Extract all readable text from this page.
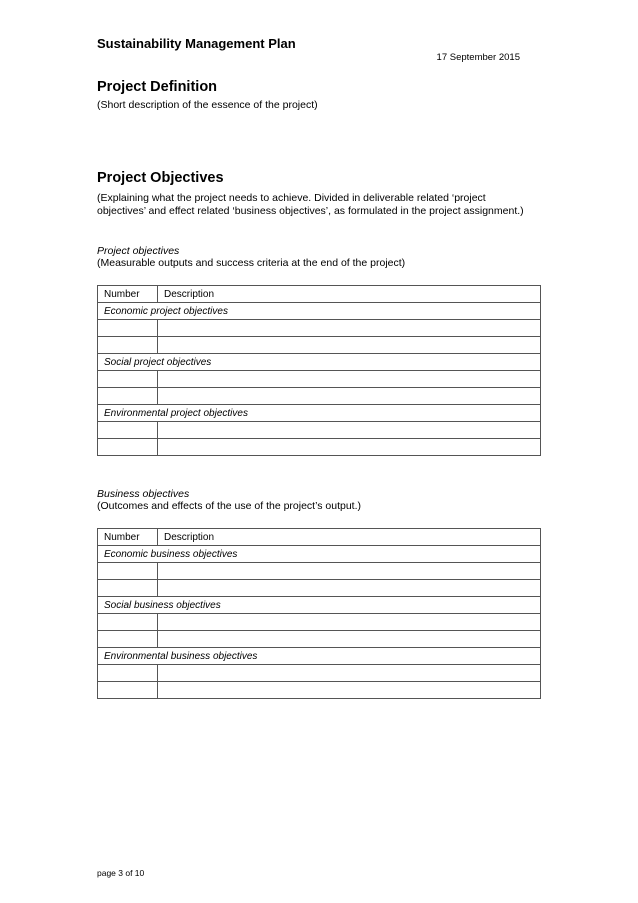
Sustainability Management Plan
17 September 2015
Project Definition
(Short description of the essence of the project)
Project Objectives
(Explaining what the project needs to achieve. Divided in deliverable related ‘project objectives’ and effect related ‘business objectives’, as formulated in the project assignment.)
Project objectives
(Measurable outputs and success criteria at the end of the project)
Number	Description
Economic project objectives	

Social project objectives	

Environmental project objectives	

Business objectives
(Outcomes and effects of the use of the project’s output.)
Number	Description
Economic business objectives	

Social business objectives	

Environmental business objectives	

page 3 of 10
